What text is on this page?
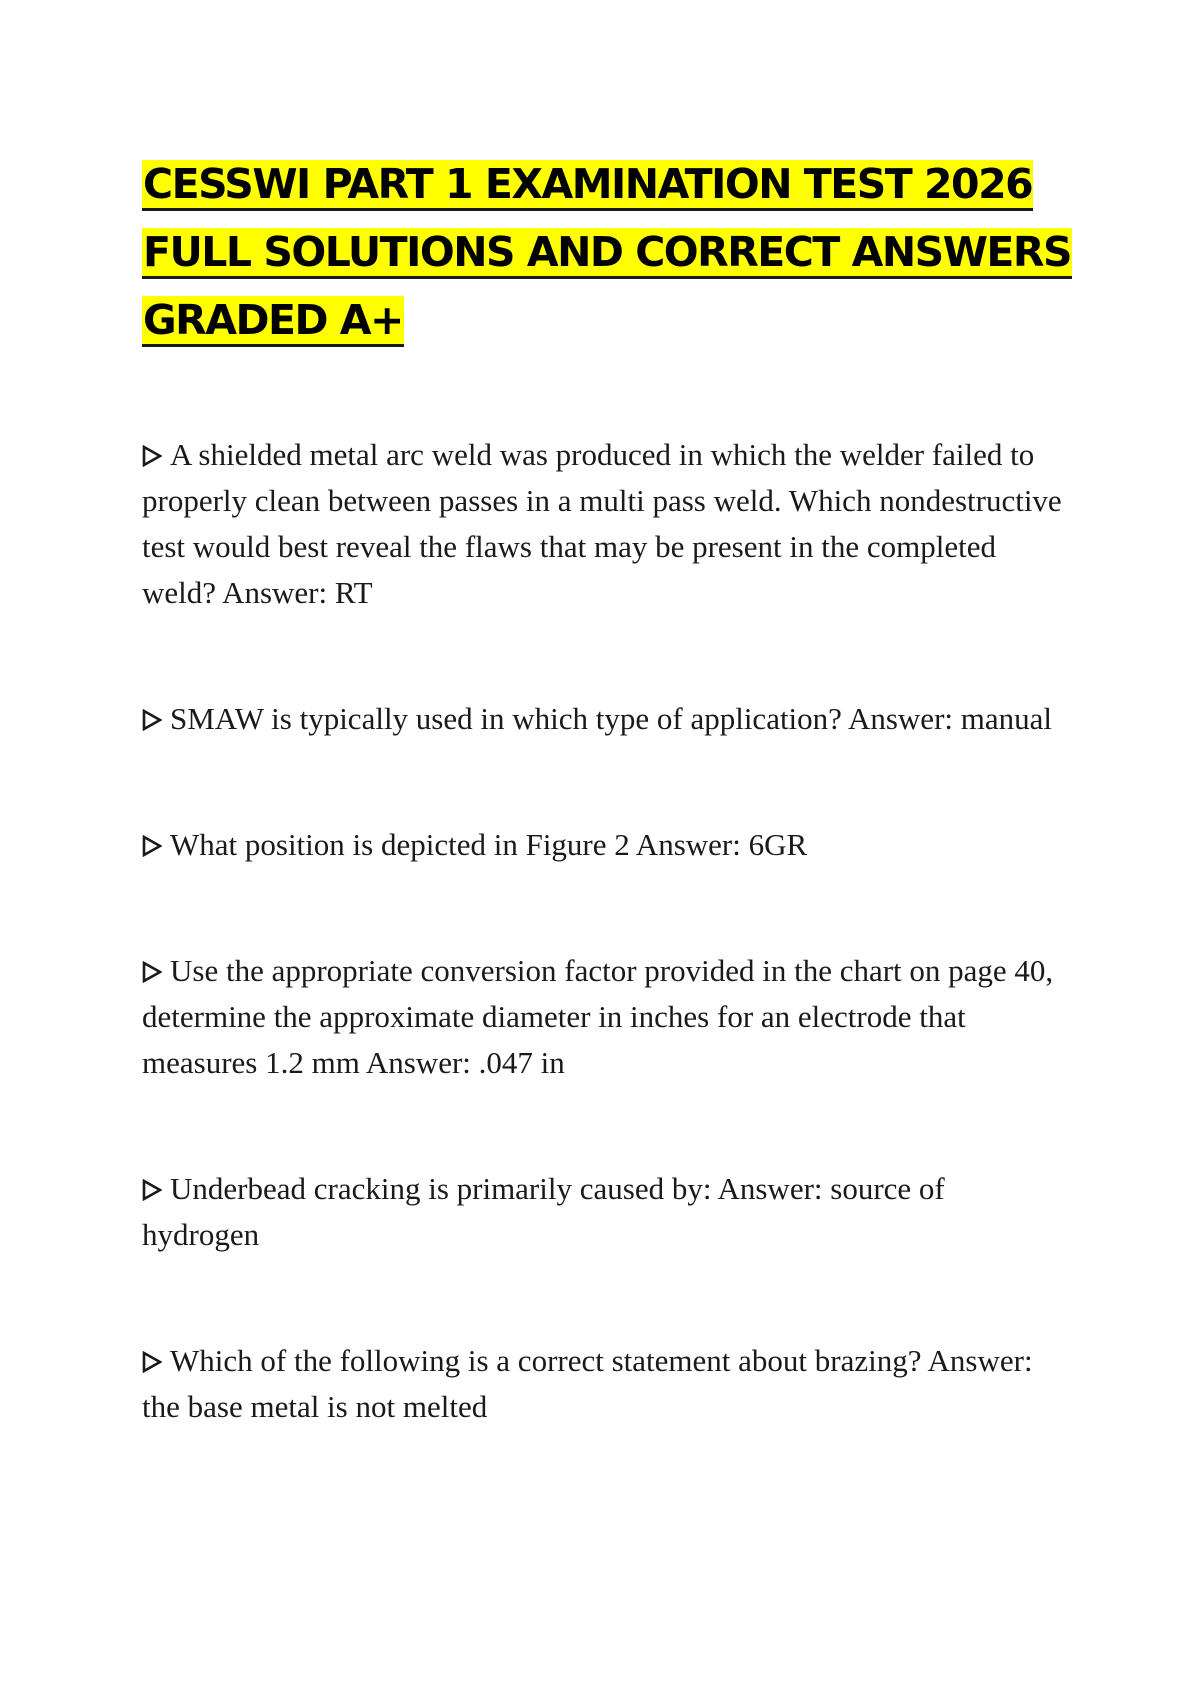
CESSWI PART 1 EXAMINATION TEST 2026
FULL SOLUTIONS AND CORRECT ANSWERS
GRADED A+

A shielded metal arc weld was produced in which the welder failed to properly clean between passes in a multi pass weld. Which nondestructive test would best reveal the flaws that may be present in the completed weld? Answer: RT

SMAW is typically used in which type of application? Answer: manual

What position is depicted in Figure 2 Answer: 6GR

Use the appropriate conversion factor provided in the chart on page 40, determine the approximate diameter in inches for an electrode that measures 1.2 mm Answer: .047 in

Underbead cracking is primarily caused by: Answer: source of hydrogen

Which of the following is a correct statement about brazing? Answer: the base metal is not melted
